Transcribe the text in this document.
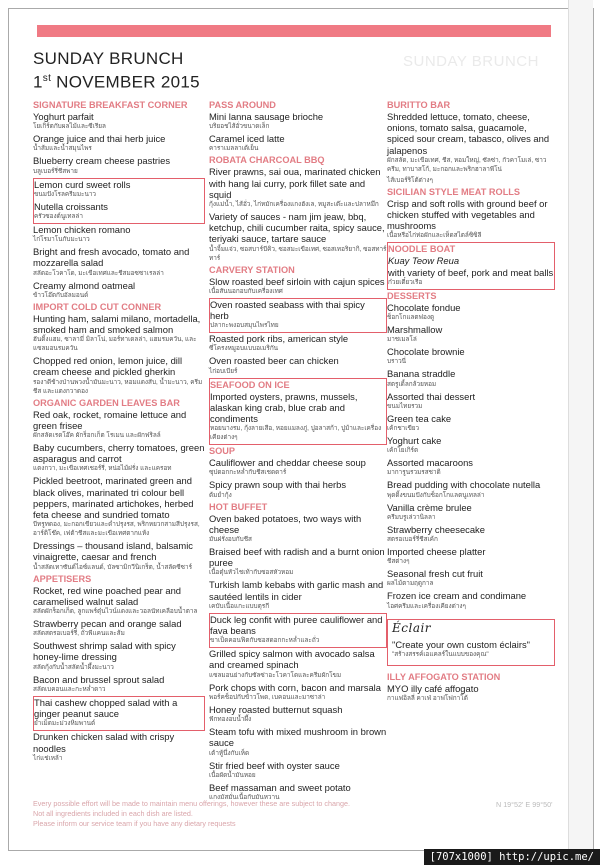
SUNDAY BRUNCH
SUNDAY BRUNCH
1st NOVEMBER 2015
SIGNATURE BREAKFAST CORNER
Yoghurt parfait
โยเกิร์ตกับผลไม้และซีเรียล
Orange juice and thai herb juice
น้ำส้มและน้ำสมุนไพร
Blueberry cream cheese pastries
บลูเบอร์รี่ชีสพาย
Lemon curd sweet rolls
ขนมปังโรลครีมมะนาว
Nutella croissants
ครัวซองต์นูเทลล่า
Lemon chicken romano
ไก่โรมาโนกับมะนาว
Bright and fresh avocado, tomato and mozzarella salad
สลัดอะโวคาโด, มะเขือเทศและชีสมอซซาเรลล่า
Creamy almond oatmeal
ข้าวโอ๊ตกับอัลมอนด์
IMPORT COLD CUT CONNER
Hunting ham, salami milano, mortadella, smoked ham and smoked salmon
ฮันติ้งแฮม, ซาลามี่ มิลาโน่, มอร์ทาเดลล่า, แฮมรมควัน, และแซลมอนรมควัน
Chopped red onion, lemon juice, dill cream cheese and pickled gherkin
รองาดีช้างป่านพวงน้ำมันมะนาว, หอมแดงสับ, น้ำมะนาว, ครีมชีส และแตงกวาดอง
ORGANIC GARDEN LEAVES BAR
Red oak, rocket, romaine lettuce and green frisee
ผักสลัดเรดโอ๊ค ผักร็อกเก็ต โรเมน และผักฟริลล์
Baby cucumbers, cherry tomatoes, green asparagus and carrot
แตงกวา, มะเขือเทศเชอร์รี่, หน่อไม้ฝรั่ง และแครอท
Pickled beetroot, marinated green and black olives, marinated tri colour bell peppers, marinated artichokes, herbed feta cheese and sundried tomato
บีทรูทดอง, มะกอกเขียวและดำปรุงรส, พริกหยวกสามสีปรุงรส, อาร์ติโช๊ค, เฟต้าชีสและมะเขือเทศตากแห้ง
Dressings – thousand island, balsamic vinaigrette, caesar and french
น้ำสลัดเทาซันด์ไอซ์แลนด์, บัลซามิกวีนิเกร็ต, น้ำสลัดซีซาร์
APPETISERS
Rocket, red wine poached pear and caramelised walnut salad
สลัดผักร็อกเก็ต, ลูกแพร์ตุ๋นไวน์แดงและวอลนัทเคลือบน้ำตาล
Strawberry pecan and orange salad
สลัดสตรอเบอร์รี่, ถั่วพีแคนและส้ม
Southwest shrimp salad with spicy honey-lime dressing
สลัดกุ้งกับน้ำสลัดน้ำผึ้งมะนาว
Bacon and brussel sprout salad
สลัดเบคอนและกะหล่ำดาว
Thai cashew chopped salad with a ginger peanut sauce
ยำเม็ดมะม่วงหิมพานต์
Drunken chicken salad with crispy noodles
ไก่แช่เหล้า
PASS AROUND
Mini lanna sausage brioche
บริยอชไส้อั่วขนาดเล็ก
Caramel iced latte
คาราเมลลาเต้เย็น
ROBATA CHARCOAL BBQ
River prawns, sai oua, marinated chicken with hang lai curry, pork fillet sate and squid
กุ้งแม่น้ำ, ไส้อั่ว, ไก่หมักเครื่องแกงฮังเล, หมูสะเต๊ะและปลาหมึก
Variety of sauces - nam jim jeaw, bbq, ketchup, chili cucumber raita, spicy sauce, teriyaki sauce, tartare sauce
น้ำจิ้มแจ่ว, ซอสบาร์บีคิว, ซอสมะเขือเทศ, ซอสเทอริยากิ, ซอสทาร์ทาร์
CARVERY STATION
Slow roasted beef sirloin with cajun spices
เนื้อสันนอกอบกับเครื่องเทศ
Oven roasted seabass with thai spicy herb
ปลากะพงอบสมุนไพรไทย
Roasted pork ribs, american style
ซี่โครงหมูอบแบบอเมริกัน
Oven roasted beer can chicken
ไก่อบเบียร์
SEAFOOD ON ICE
Imported oysters, prawns, mussels, alaskan king crab, blue crab and condiments
หอยนางรม, กุ้งลายเสือ, หอยแมลงภู่, ปูอลาสก้า, ปูม้าและเครื่องเคียงต่างๆ
SOUP
Cauliflower and cheddar cheese soup
ซุปดอกกะหล่ำกับชีสเชดดาร์
Spicy prawn soup with thai herbs
ต้มยำกุ้ง
HOT BUFFET
Oven baked potatoes, two ways with cheese
มันฝรั่งอบกับชีส
Braised beef with radish and a burnt onion puree
เนื้อตุ๋นหัวไชเท้ากับซอสหัวหอม
Turkish lamb kebabs with garlic mash and sautéed lentils in cider
เคบับเนื้อแกะแบบตุรกี
Duck leg confit with puree cauliflower and fava beans
ขาเป็ดคอนฟิตกับซอสดอกกะหล่ำและถั่ว
Grilled spicy salmon with avocado salsa and creamed spinach
แซลมอนย่างกับซัลซ่าอะโวคาโดและครีมผักโขม
Pork chops with corn, bacon and marsala
พอร์คช็อปกับข้าวโพด, เบคอนและมาซาล่า
Honey roasted butternut squash
ฟักทองอบน้ำผึ้ง
Steam tofu with mixed mushroom in brown sauce
เต้าหู้นึ่งกับเห็ด
Stir fried beef with oyster sauce
เนื้อผัดน้ำมันหอย
Beef massaman and sweet potato
แกงมัสมั่นเนื้อกับมันหวาน
BURITTO BAR
Shredded lettuce, tomato, cheese, onions, tomato salsa, guacamole, spiced sour cream, tabasco, olives and jalapenos
ผักสลัด, มะเขือเทศ, ชีส, หอมใหญ่, ซัลซ่า, กัวคาโมเล่, ซาวครีม, ทาบาสโก้, มะกอกและพริกฮาลาพีโน่
ไส้เบอร์ริโต้ต่างๆ
SICILIAN STYLE MEAT ROLLS
Crisp and soft rolls with ground beef or chicken stuffed with vegetables and mushrooms
เนื้อหรือไก่ห่อผักและเห็ดสไตล์ซิซิลี
NOODLE BOAT
Kuay Teow Reua
with variety of beef, pork and meat balls
ก๋วยเตี๋ยวเรือ
DESSERTS
Chocolate fondue
ช็อกโกแลตฟองดู
Marshmallow
มาชเมลโล่
Chocolate brownie
บราวนี่
Banana straddle
สตรูเดิ้ลกล้วยหอม
Assorted thai dessert
ขนมไทยรวม
Green tea cake
เค้กชาเขียว
Yoghurt cake
เค้กโยเกิร์ต
Assorted macaroons
มาการูนรวมรสชาติ
Bread pudding with chocolate nutella
พุดดิ้งขนมปังกับช็อกโกแลตนูเทลล่า
Vanilla crème brulee
ครีมบรูเล่วานิลลา
Strawberry cheesecake
สตรอเบอร์รี่ชีสเค้ก
Imported cheese platter
ชีสต่างๆ
Seasonal fresh cut fruit
ผลไม้ตามฤดูกาล
Frozen ice cream and condimane
ไอศครีมและเครื่องเคียงต่างๆ
Éclair
"Create your own custom éclairs"
"สร้างสรรค์เอแคลร์ในแบบของคุณ"
ILLY AFFOGATO STATION
MYO illy café affogato
กาแฟอิลลี่ คาเฟ่ อาฟโฟกาโต้
Every possible effort will be made to maintain menu offerings, however these are subject to change.
Not all ingredients included in each dish are listed.
Please inform our service team if you have any dietary requests
N 19°52' E 99°50'
[707x1000] http://upic.me/
